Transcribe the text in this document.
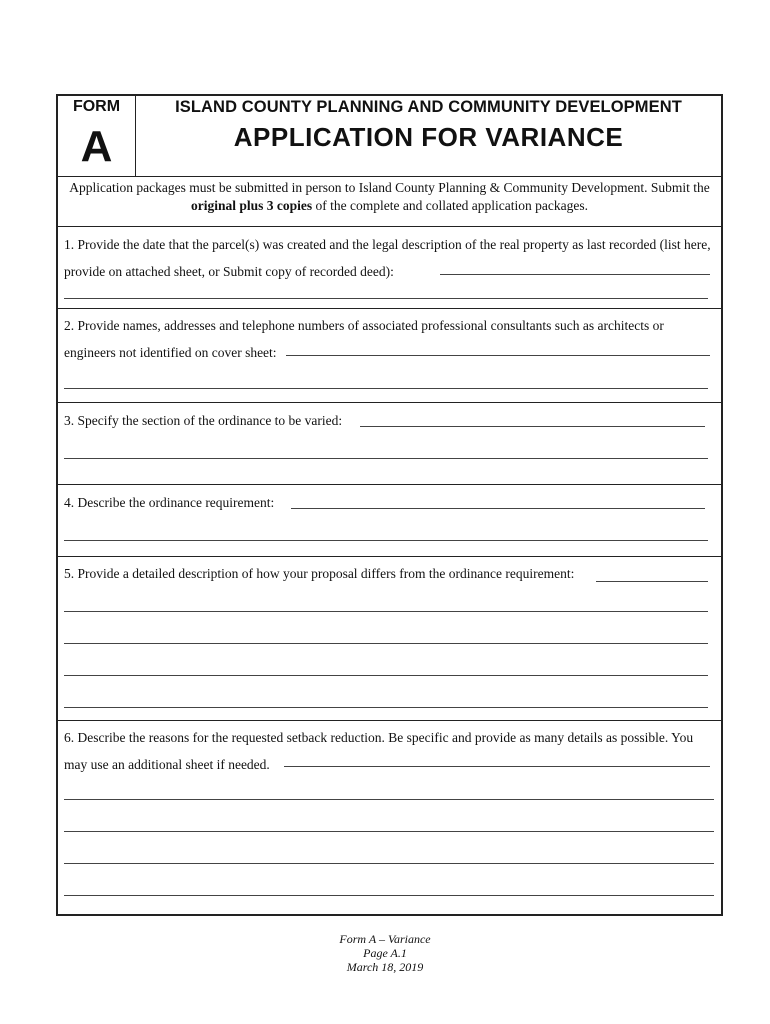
FORM
A
ISLAND COUNTY PLANNING AND COMMUNITY DEVELOPMENT
APPLICATION FOR VARIANCE
Application packages must be submitted in person to Island County Planning & Community Development. Submit the original plus 3 copies of the complete and collated application packages.
1. Provide the date that the parcel(s) was created and the legal description of the real property as last recorded (list here, provide on attached sheet, or Submit copy of recorded deed):
2. Provide names, addresses and telephone numbers of associated professional consultants such as architects or engineers not identified on cover sheet:
3. Specify the section of the ordinance to be varied:
4. Describe the ordinance requirement:
5. Provide a detailed description of how your proposal differs from the ordinance requirement:
6. Describe the reasons for the requested setback reduction. Be specific and provide as many details as possible. You may use an additional sheet if needed.
Form A – Variance
Page A.1
March 18, 2019
